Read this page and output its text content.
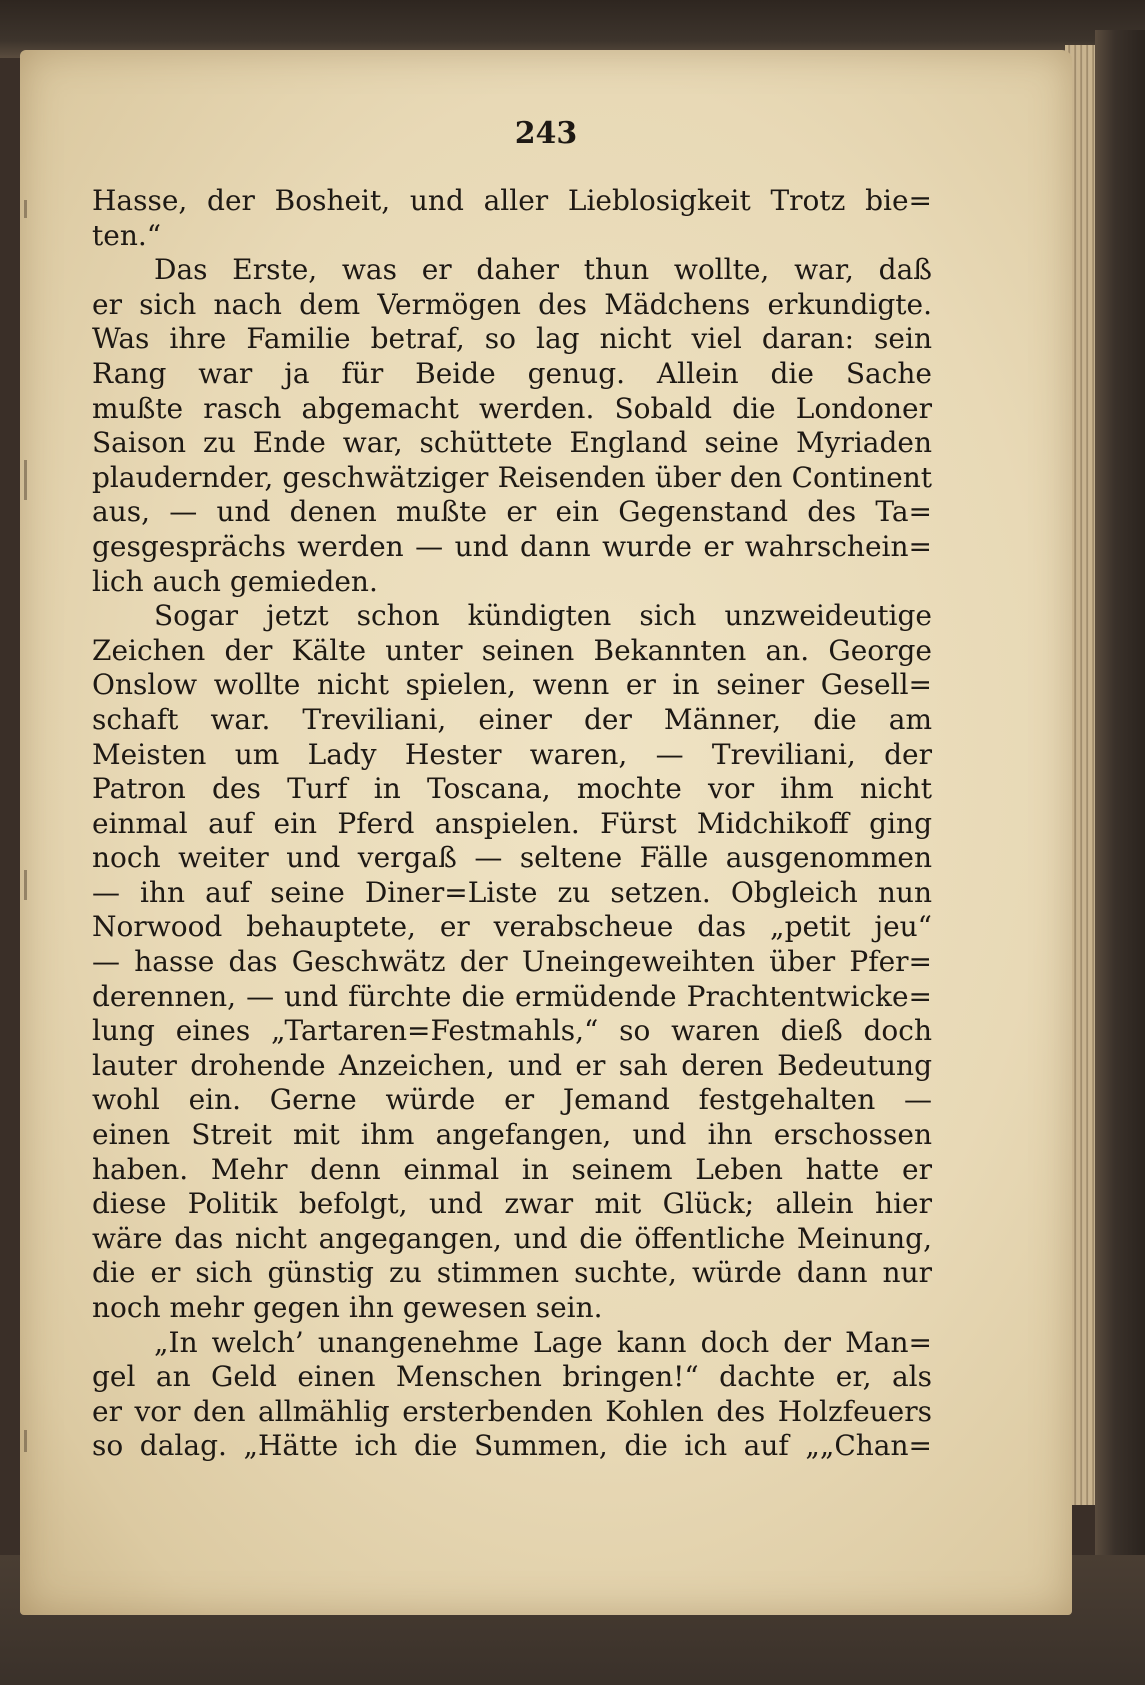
243
Hasse, der Bosheit, und aller Lieblosigkeit Trotz bie=
ten.“
Das Erste, was er daher thun wollte, war, daß
er sich nach dem Vermögen des Mädchens erkundigte.
Was ihre Familie betraf, so lag nicht viel daran: sein
Rang war ja für Beide genug. Allein die Sache
mußte rasch abgemacht werden. Sobald die Londoner
Saison zu Ende war, schüttete England seine Myriaden
plaudernder, geschwätziger Reisenden über den Continent
aus, — und denen mußte er ein Gegenstand des Ta=
gesgesprächs werden — und dann wurde er wahrschein=
lich auch gemieden.
Sogar jetzt schon kündigten sich unzweideutige
Zeichen der Kälte unter seinen Bekannten an. George
Onslow wollte nicht spielen, wenn er in seiner Gesell=
schaft war. Treviliani, einer der Männer, die am
Meisten um Lady Hester waren, — Treviliani, der
Patron des Turf in Toscana, mochte vor ihm nicht
einmal auf ein Pferd anspielen. Fürst Midchikoff ging
noch weiter und vergaß — seltene Fälle ausgenommen
— ihn auf seine Diner=Liste zu setzen. Obgleich nun
Norwood behauptete, er verabscheue das „petit jeu“
— hasse das Geschwätz der Uneingeweihten über Pfer=
derennen, — und fürchte die ermüdende Prachtentwicke=
lung eines „Tartaren=Festmahls,“ so waren dieß doch
lauter drohende Anzeichen, und er sah deren Bedeutung
wohl ein. Gerne würde er Jemand festgehalten —
einen Streit mit ihm angefangen, und ihn erschossen
haben. Mehr denn einmal in seinem Leben hatte er
diese Politik befolgt, und zwar mit Glück; allein hier
wäre das nicht angegangen, und die öffentliche Meinung,
die er sich günstig zu stimmen suchte, würde dann nur
noch mehr gegen ihn gewesen sein.
„In welch’ unangenehme Lage kann doch der Man=
gel an Geld einen Menschen bringen!“ dachte er, als
er vor den allmählig ersterbenden Kohlen des Holzfeuers
so dalag. „Hätte ich die Summen, die ich auf „„Chan=
